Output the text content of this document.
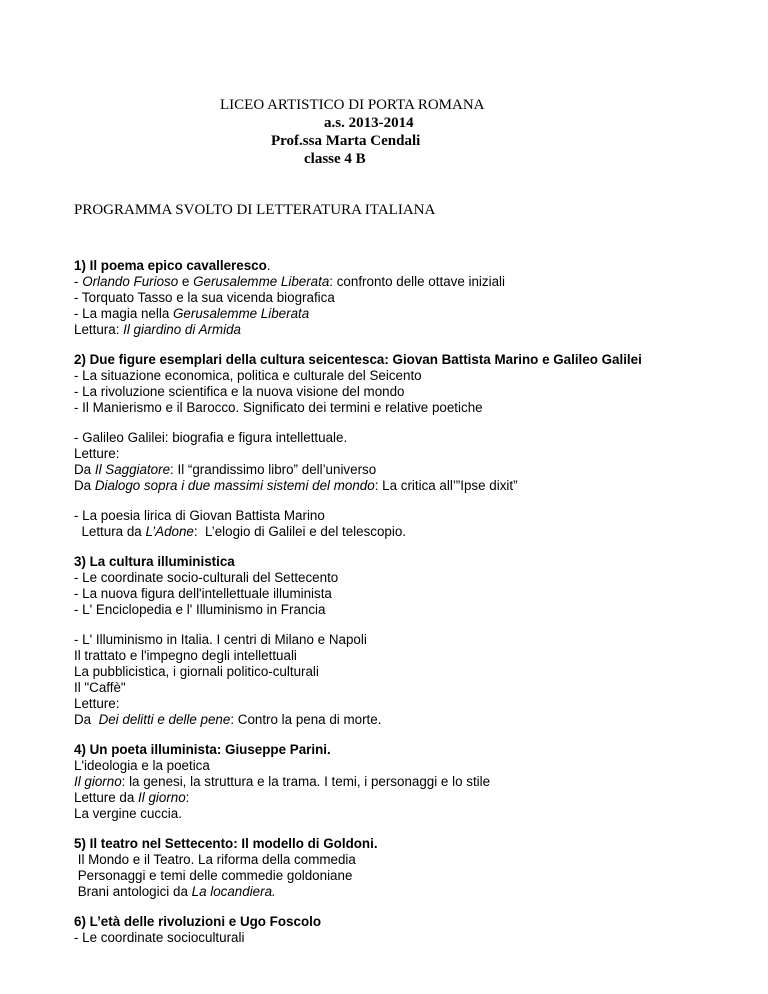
LICEO ARTISTICO DI PORTA ROMANA
a.s. 2013-2014
Prof.ssa Marta Cendali
classe 4 B
PROGRAMMA SVOLTO DI LETTERATURA ITALIANA

1) Il poema epico cavalleresco.

- Orlando Furioso e Gerusalemme Liberata: confronto delle ottave iniziali

- Torquato Tasso e la sua vicenda biografica

- La magia nella Gerusalemme Liberata

Lettura: Il giardino di Armida

2) Due figure esemplari della cultura seicentesca: Giovan Battista Marino e Galileo Galilei

- La situazione economica, politica e culturale del Seicento

- La rivoluzione scientifica e la nuova visione del mondo

- Il Manierismo e il Barocco. Significato dei termini e relative poetiche

- Galileo Galilei: biografia e figura intellettuale.

Letture:

Da Il Saggiatore: Il “grandissimo libro” dell’universo

Da Dialogo sopra i due massimi sistemi del mondo: La critica all’”Ipse dixit”

- La poesia lirica di Giovan Battista Marino

Lettura da L’Adone:  L’elogio di Galilei e del telescopio.

3) La cultura illuministica

- Le coordinate socio-culturali del Settecento

- La nuova figura dell'intellettuale illuminista

- L' Enciclopedia e l' Illuminismo in Francia

- L' Illuminismo in Italia. I centri di Milano e Napoli

Il trattato e l'impegno degli intellettuali

La pubblicistica, i giornali politico-culturali

Il "Caffè"

Letture:

Da  Dei delitti e delle pene: Contro la pena di morte.

4) Un poeta illuminista: Giuseppe Parini.

L'ideologia e la poetica

Il giorno: la genesi, la struttura e la trama. I temi, i personaggi e lo stile

Letture da Il giorno:

La vergine cuccia.

5) Il teatro nel Settecento: Il modello di Goldoni.

Il Mondo e il Teatro. La riforma della commedia

Personaggi e temi delle commedie goldoniane

Brani antologici da La locandiera.

6) L’età delle rivoluzioni e Ugo Foscolo

- Le coordinate socioculturali
